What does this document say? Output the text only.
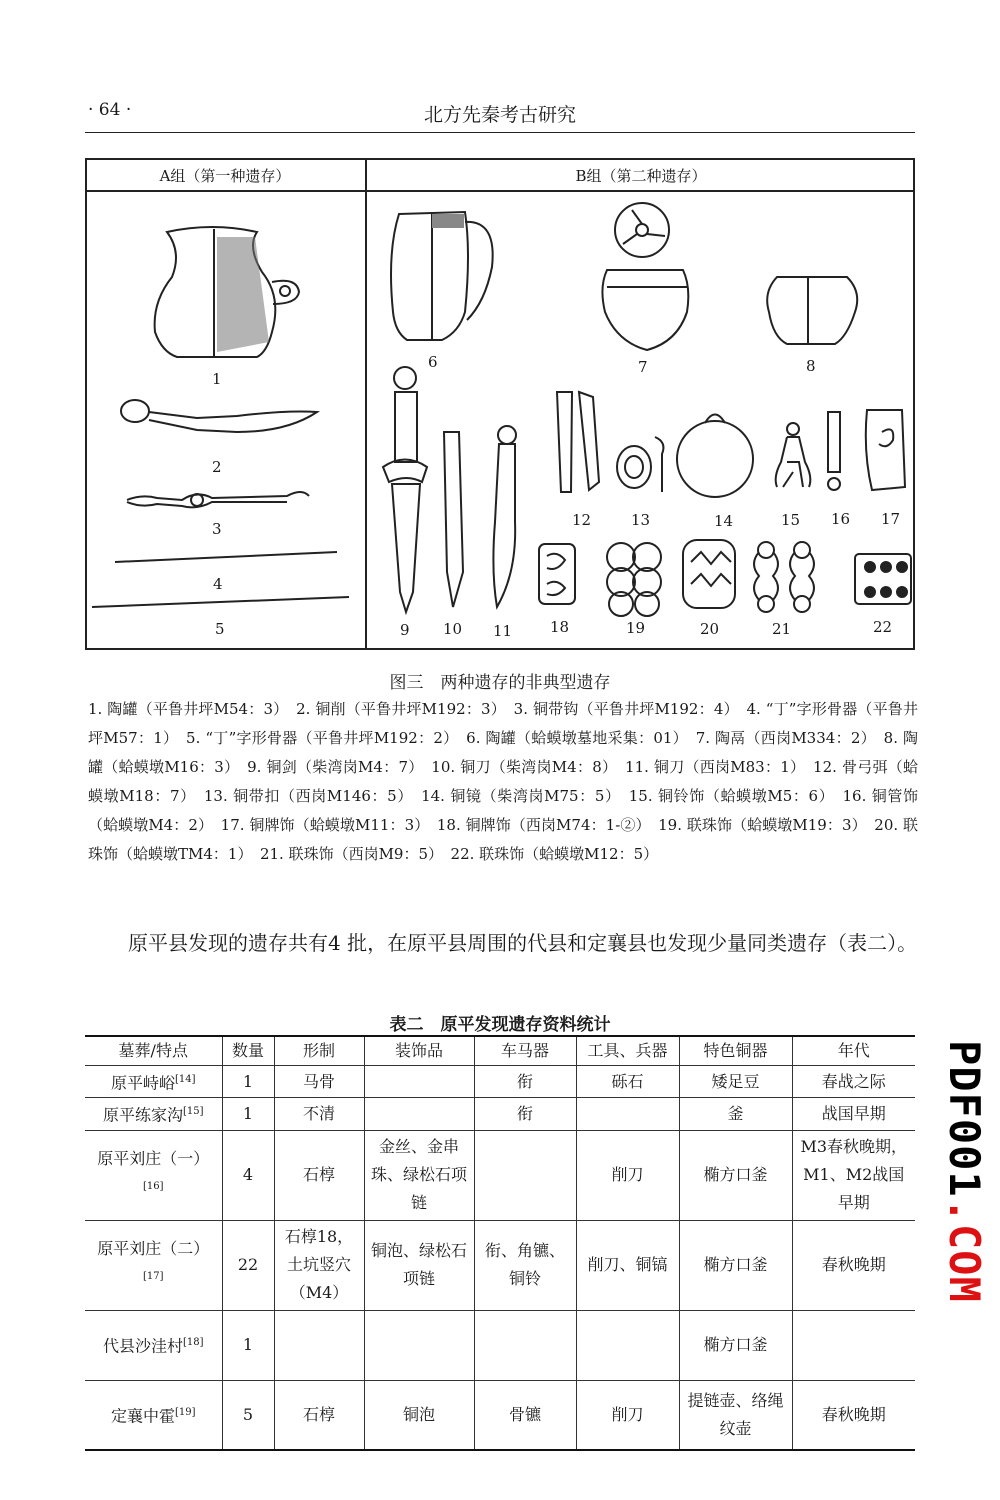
· 64 ·	北方先秦考古研究
A组（第一种遗存）	B组（第二种遗存）
1
2
3
4
5
6	7	8
9 10 11
12	13	14	15 16 17
18	19	20	21	22
图三　两种遗存的非典型遗存
1. 陶罐（平鲁井坪M54：3）　2. 铜削（平鲁井坪M192：3）　3. 铜带钩（平鲁井坪M192：4）　4. “丁”字形骨器（平鲁井坪M57：1）　5. “丁”字形骨器（平鲁井坪M192：2）　6. 陶罐（蛤蟆墩墓地采集：01）　7. 陶鬲（西岗M334：2）　8. 陶罐（蛤蟆墩M16：3）　9. 铜剑（柴湾岗M4：7）　10. 铜刀（柴湾岗M4：8）　11. 铜刀（西岗M83：1）　12. 骨弓弭（蛤蟆墩M18：7）　13. 铜带扣（西岗M146：5）　14. 铜镜（柴湾岗M75：5）　15. 铜铃饰（蛤蟆墩M5：6）　16. 铜管饰（蛤蟆墩M4：2）　17. 铜牌饰（蛤蟆墩M11：3）　18. 铜牌饰（西岗M74：1-②）　19. 联珠饰（蛤蟆墩M19：3）　20. 联珠饰（蛤蟆墩TM4：1）　21. 联珠饰（西岗M9：5）　22. 联珠饰（蛤蟆墩M12：5）
原平县发现的遗存共有4 批，在原平县周围的代县和定襄县也发现少量同类遗存（表二）。
表二　原平发现遗存资料统计
墓葬/特点	数量	形制	装饰品	车马器	工具、兵器	特色铜器	年代
原平峙峪[14]	1	马骨		衔	砾石	矮足豆	春战之际
原平练家沟[15]	1	不清		衔		釜	战国早期
原平刘庄（一）[16]	4	石椁	金丝、金串珠、绿松石项链		削刀	椭方口釜	M3春秋晚期，M1、M2战国早期
原平刘庄（二）[17]	22	石椁18，土坑竖穴（M4）	铜泡、绿松石项链	衔、角镳、铜铃	削刀、铜镐	椭方口釜	春秋晚期
代县沙洼村[18]	1					椭方口釜	
定襄中霍[19]	5	石椁	铜泡	骨镳	削刀	提链壶、络绳纹壶	春秋晚期
PDF001.COM
